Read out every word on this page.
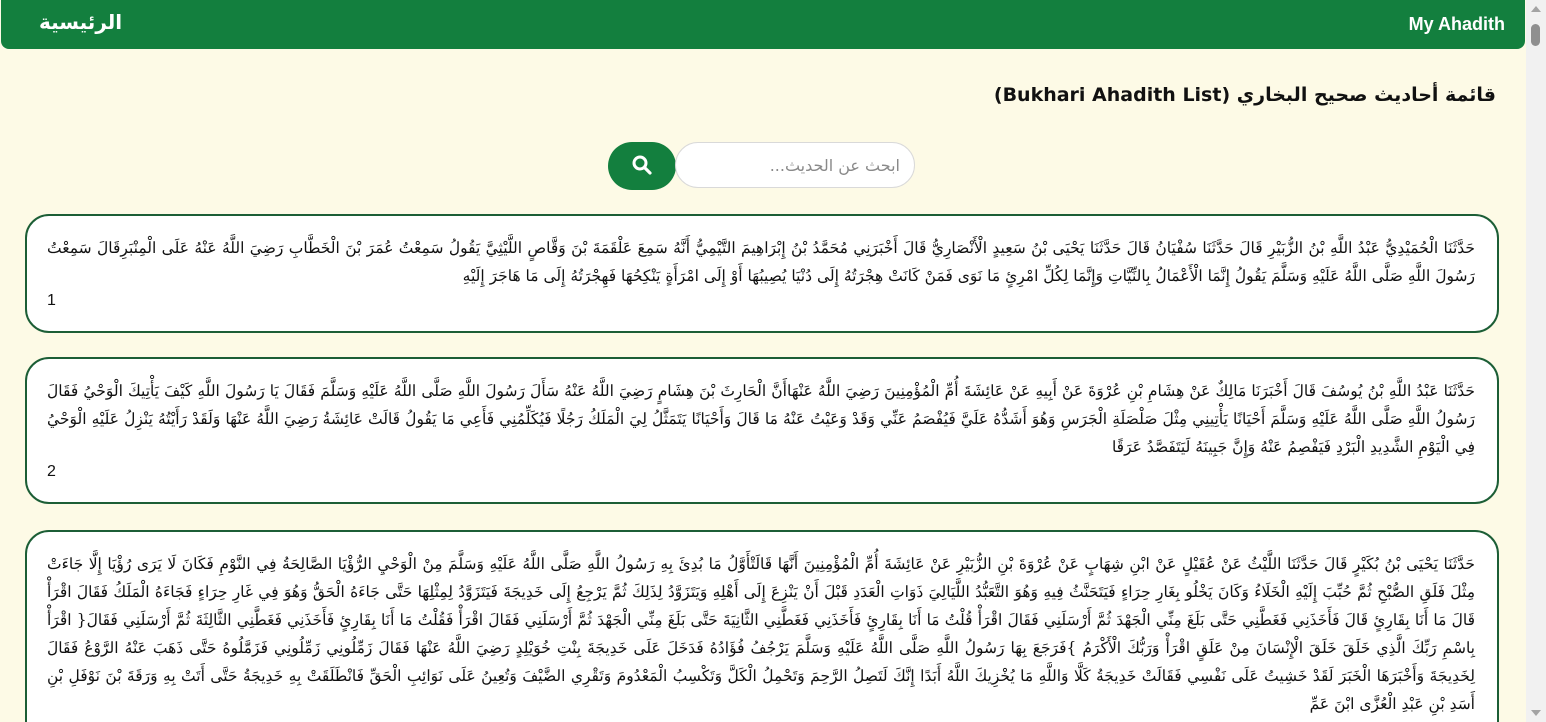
My Ahadith
الرئيسية
قائمة أحاديث صحيح البخاري (Bukhari Ahadith List)
ابحث عن الحديث...

حَدَّثَنَا الْحُمَيْدِيُّ عَبْدُ اللَّهِ بْنُ الزُّبَيْرِ قَالَ حَدَّثَنَا سُفْيَانُ قَالَ حَدَّثَنَا يَحْيَى بْنُ سَعِيدٍ الْأَنْصَارِيُّ قَالَ أَخْبَرَنِي مُحَمَّدُ بْنُ إِبْرَاهِيمَ التَّيْمِيُّ أَنَّهُ سَمِعَ عَلْقَمَةَ بْنَ وَقَّاصٍ اللَّيْثِيَّ يَقُولُ سَمِعْتُ عُمَرَ بْنَ الْخَطَّابِ رَضِيَ اللَّهُ عَنْهُ عَلَى الْمِنْبَرِقَالَ سَمِعْتُ رَسُولَ اللَّهِ صَلَّى اللَّهُ عَلَيْهِ وَسَلَّمَ يَقُولُ إِنَّمَا الْأَعْمَالُ بِالنِّيَّاتِ وَإِنَّمَا لِكُلِّ امْرِئٍ مَا نَوَى فَمَنْ كَانَتْ هِجْرَتُهُ إِلَى دُنْيَا يُصِيبُهَا أَوْ إِلَى امْرَأَةٍ يَنْكِحُهَا فَهِجْرَتُهُ إِلَى مَا هَاجَرَ إِلَيْهِ

1

حَدَّثَنَا عَبْدُ اللَّهِ بْنُ يُوسُفَ قَالَ أَخْبَرَنَا مَالِكٌ عَنْ هِشَامِ بْنِ عُرْوَةَ عَنْ أَبِيهِ عَنْ عَائِشَةَ أُمِّ الْمُؤْمِنِينَ رَضِيَ اللَّهُ عَنْهَاأَنَّ الْحَارِثَ بْنَ هِشَامٍ رَضِيَ اللَّهُ عَنْهُ سَأَلَ رَسُولَ اللَّهِ صَلَّى اللَّهُ عَلَيْهِ وَسَلَّمَ فَقَالَ يَا رَسُولَ اللَّهِ كَيْفَ يَأْتِيكَ الْوَحْيُ فَقَالَ رَسُولُ اللَّهِ صَلَّى اللَّهُ عَلَيْهِ وَسَلَّمَ أَحْيَانًا يَأْتِينِي مِثْلَ صَلْصَلَةِ الْجَرَسِ وَهُوَ أَشَدُّهُ عَلَيَّ فَيُفْصَمُ عَنِّي وَقَدْ وَعَيْتُ عَنْهُ مَا قَالَ وَأَحْيَانًا يَتَمَثَّلُ لِيَ الْمَلَكُ رَجُلًا فَيُكَلِّمُنِي فَأَعِي مَا يَقُولُ قَالَتْ عَائِشَةُ رَضِيَ اللَّهُ عَنْهَا وَلَقَدْ رَأَيْتُهُ يَنْزِلُ عَلَيْهِ الْوَحْيُ فِي الْيَوْمِ الشَّدِيدِ الْبَرْدِ فَيَفْصِمُ عَنْهُ وَإِنَّ جَبِينَهُ لَيَتَفَصَّدُ عَرَقًا

2

حَدَّثَنَا يَحْيَى بْنُ بُكَيْرٍ قَالَ حَدَّثَنَا اللَّيْثُ عَنْ عُقَيْلٍ عَنْ ابْنِ شِهَابٍ عَنْ عُرْوَةَ بْنِ الزُّبَيْرِ عَنْ عَائِشَةَ أُمِّ الْمُؤْمِنِينَ أَنَّهَا قَالَتْأَوَّلُ مَا بُدِئَ بِهِ رَسُولُ اللَّهِ صَلَّى اللَّهُ عَلَيْهِ وَسَلَّمَ مِنْ الْوَحْيِ الرُّؤْيَا الصَّالِحَةُ فِي النَّوْمِ فَكَانَ لَا يَرَى رُؤْيَا إِلَّا جَاءَتْ مِثْلَ فَلَقِ الصُّبْحِ ثُمَّ حُبِّبَ إِلَيْهِ الْخَلَاءُ وَكَانَ يَخْلُو بِغَارِ حِرَاءٍ فَيَتَحَنَّثُ فِيهِ وَهُوَ التَّعَبُّدُ اللَّيَالِيَ ذَوَاتِ الْعَدَدِ قَبْلَ أَنْ يَنْزِعَ إِلَى أَهْلِهِ وَيَتَزَوَّدُ لِذَلِكَ ثُمَّ يَرْجِعُ إِلَى خَدِيجَةَ فَيَتَزَوَّدُ لِمِثْلِهَا حَتَّى جَاءَهُ الْحَقُّ وَهُوَ فِي غَارِ حِرَاءٍ فَجَاءَهُ الْمَلَكُ فَقَالَ اقْرَأْ قَالَ مَا أَنَا بِقَارِئٍ قَالَ فَأَخَذَنِي فَغَطَّنِي حَتَّى بَلَغَ مِنِّي الْجَهْدَ ثُمَّ أَرْسَلَنِي فَقَالَ اقْرَأْ قُلْتُ مَا أَنَا بِقَارِئٍ فَأَخَذَنِي فَغَطَّنِي الثَّانِيَةَ حَتَّى بَلَغَ مِنِّي الْجَهْدَ ثُمَّ أَرْسَلَنِي فَقَالَ اقْرَأْ فَقُلْتُ مَا أَنَا بِقَارِئٍ فَأَخَذَنِي فَغَطَّنِي الثَّالِثَةَ ثُمَّ أَرْسَلَنِي فَقَالَ{ اقْرَأْ بِاسْمِ رَبِّكَ الَّذِي خَلَقَ خَلَقَ الْإِنْسَانَ مِنْ عَلَقٍ اقْرَأْ وَرَبُّكَ الْأَكْرَمُ }فَرَجَعَ بِهَا رَسُولُ اللَّهِ صَلَّى اللَّهُ عَلَيْهِ وَسَلَّمَ يَرْجُفُ فُؤَادُهُ فَدَخَلَ عَلَى خَدِيجَةَ بِنْتِ خُوَيْلِدٍ رَضِيَ اللَّهُ عَنْهَا فَقَالَ زَمِّلُونِي زَمِّلُونِي فَزَمَّلُوهُ حَتَّى ذَهَبَ عَنْهُ الرَّوْعُ فَقَالَ لِخَدِيجَةَ وَأَخْبَرَهَا الْخَبَرَ لَقَدْ خَشِيتُ عَلَى نَفْسِي فَقَالَتْ خَدِيجَةُ كَلَّا وَاللَّهِ مَا يُخْزِيكَ اللَّهُ أَبَدًا إِنَّكَ لَتَصِلُ الرَّحِمَ وَتَحْمِلُ الْكَلَّ وَتَكْسِبُ الْمَعْدُومَ وَتَقْرِي الضَّيْفَ وَتُعِينُ عَلَى نَوَائِبِ الْحَقِّ فَانْطَلَقَتْ بِهِ خَدِيجَةُ حَتَّى أَتَتْ بِهِ وَرَقَةَ بْنَ نَوْفَلِ بْنِ أَسَدِ بْنِ عَبْدِ الْعُزَّى ابْنَ عَمِّ
